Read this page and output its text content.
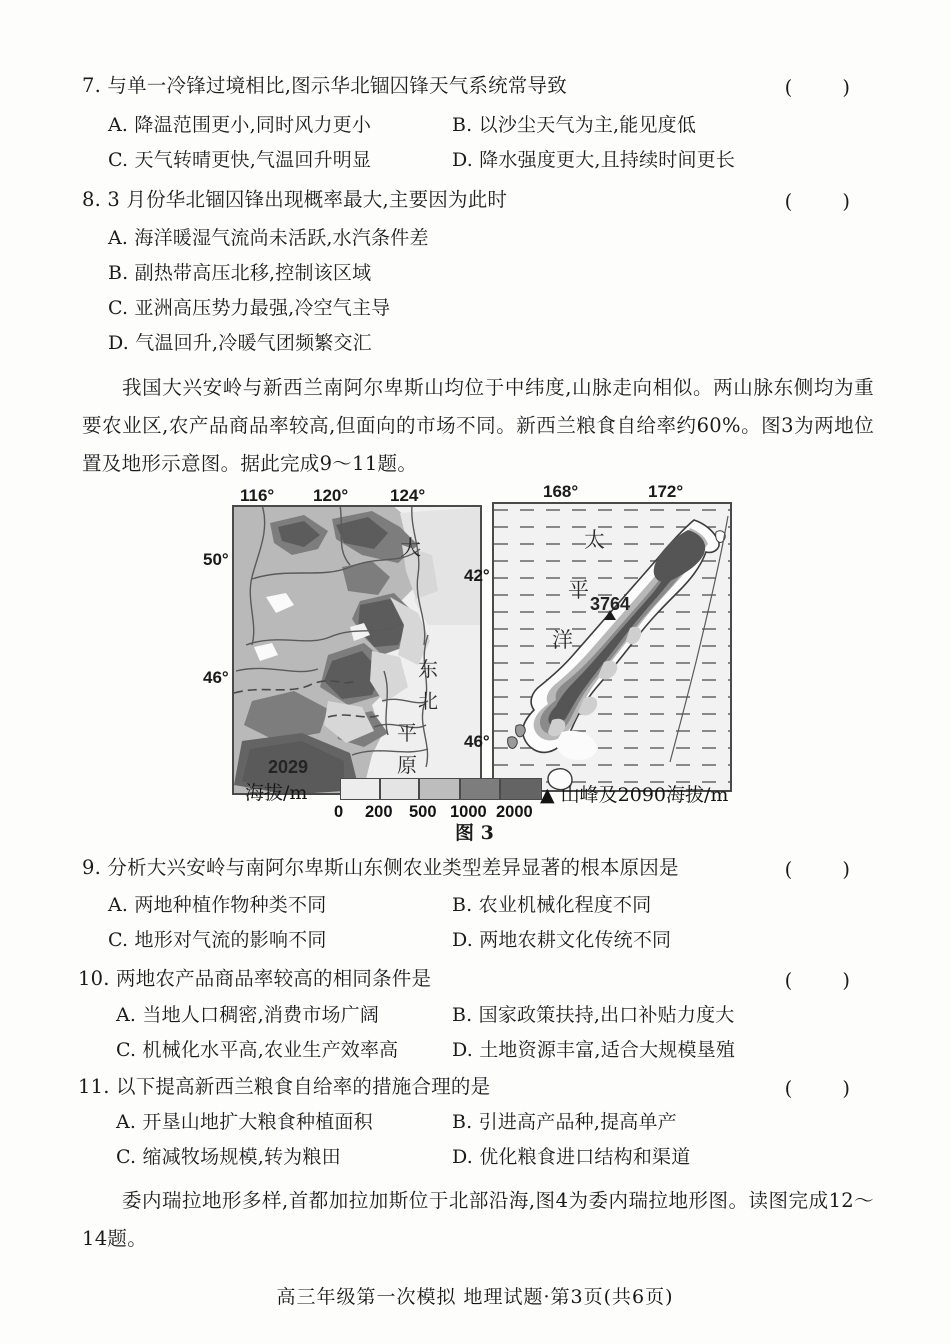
7. 与单一冷锋过境相比,图示华北锢囚锋天气系统常导致	( )
A. 降温范围更小,同时风力更小	B. 以沙尘天气为主,能见度低
C. 天气转晴更快,气温回升明显	D. 降水强度更大,且持续时间更长
8. 3 月份华北锢囚锋出现概率最大,主要因为此时	( )
A. 海洋暖湿气流尚未活跃,水汽条件差
B. 副热带高压北移,控制该区域
C. 亚洲高压势力最强,冷空气主导
D. 气温回升,冷暖气团频繁交汇
我国大兴安岭与新西兰南阿尔卑斯山均位于中纬度,山脉走向相似。两山脉东侧均为重要农业区,农产品商品率较高,但面向的市场不同。新西兰粮食自给率约60%。图3为两地位置及地形示意图。据此完成9～11题。
116° 120° 124°
50°
46°
大
东
北
平
原
2029
168°	172°
42°
46°
太
平
洋
3764
海拔/m
0 200 500 1000 2000
▲ 山峰及2090海拔/m
图 3
9. 分析大兴安岭与南阿尔卑斯山东侧农业类型差异显著的根本原因是	( )
A. 两地种植作物种类不同	B. 农业机械化程度不同
C. 地形对气流的影响不同	D. 两地农耕文化传统不同
10. 两地农产品商品率较高的相同条件是	( )
A. 当地人口稠密,消费市场广阔	B. 国家政策扶持,出口补贴力度大
C. 机械化水平高,农业生产效率高	D. 土地资源丰富,适合大规模垦殖
11. 以下提高新西兰粮食自给率的措施合理的是	( )
A. 开垦山地扩大粮食种植面积	B. 引进高产品种,提高单产
C. 缩减牧场规模,转为粮田	D. 优化粮食进口结构和渠道
委内瑞拉地形多样,首都加拉加斯位于北部沿海,图4为委内瑞拉地形图。读图完成12～14题。
高三年级第一次模拟 地理试题·第3页(共6页)
